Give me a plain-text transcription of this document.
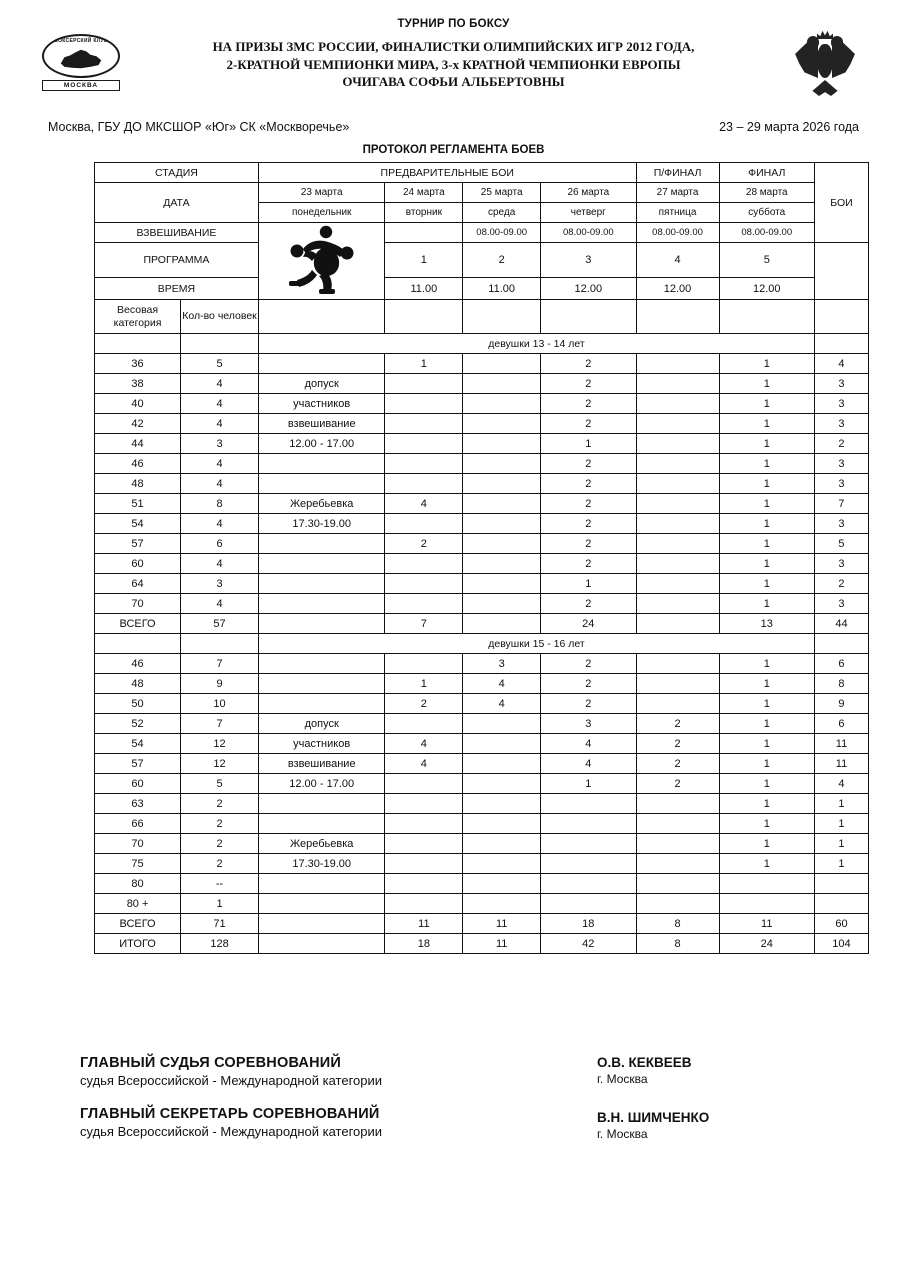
БОКСЕРСКИЙ КЛУБ
МОСКВА
ТУРНИР ПО БОКСУ
НА ПРИЗЫ ЗМС РОССИИ, ФИНАЛИСТКИ ОЛИМПИЙСКИХ ИГР 2012 ГОДА,
2-КРАТНОЙ ЧЕМПИОНКИ МИРА, 3-х КРАТНОЙ ЧЕМПИОНКИ ЕВРОПЫ
ОЧИГАВА СОФЬИ АЛЬБЕРТОВНЫ
Москва, ГБУ ДО МКСШОР «Юг» СК «Москворечье»	23 – 29 марта 2026 года
ПРОТОКОЛ РЕГЛАМЕНТА БОЕВ
СТАДИЯ		ПРЕДВАРИТЕЛЬНЫЕ БОИ				П/ФИНАЛ	ФИНАЛ	БОИ
ДАТА		23 марта	24 марта	25 марта	26 марта	27 марта	28 марта	
		понедельник	вторник	среда	четверг	пятница	суббота	
ВЗВЕШИВАНИЕ				08.00-09.00	08.00-09.00	08.00-09.00	08.00-09.00	
ПРОГРАММА			1	2	3	4	5	
ВРЕМЯ			11.00	11.00	12.00	12.00	12.00	

Весовая категория	Кол-во человек							

		девушки 13 - 14 лет						
36	5		1		2		1	4
38	4	допуск			2		1	3
40	4	участников			2		1	3
42	4	взвешивание			2		1	3
44	3	12.00 - 17.00			1		1	2
46	4				2		1	3
48	4				2		1	3
51	8	Жеребьевка	4		2		1	7
54	4	17.30-19.00			2		1	3
57	6		2		2		1	5
60	4				2		1	3
64	3				1		1	2
70	4				2		1	3
ВСЕГО	57		7		24		13	44
		девушки 15 - 16 лет						
46	7			3	2		1	6
48	9		1	4	2		1	8
50	10		2	4	2		1	9
52	7	допуск			3	2	1	6
54	12	участников	4		4	2	1	11
57	12	взвешивание	4		4	2	1	11
60	5	12.00 - 17.00			1	2	1	4
63	2						1	1
66	2						1	1
70	2	Жеребьевка					1	1
75	2	17.30-19.00					1	1
80	--							
80 +	1							
ВСЕГО	71		11	11	18	8	11	60
ИТОГО	128		18	11	42	8	24	104
ГЛАВНЫЙ СУДЬЯ СОРЕВНОВАНИЙ
судья Всероссийской - Международной категории
ГЛАВНЫЙ СЕКРЕТАРЬ СОРЕВНОВАНИЙ
судья Всероссийской - Международной категории
О.В. КЕКВЕЕВ
г. Москва
В.Н. ШИМЧЕНКО
г. Москва
